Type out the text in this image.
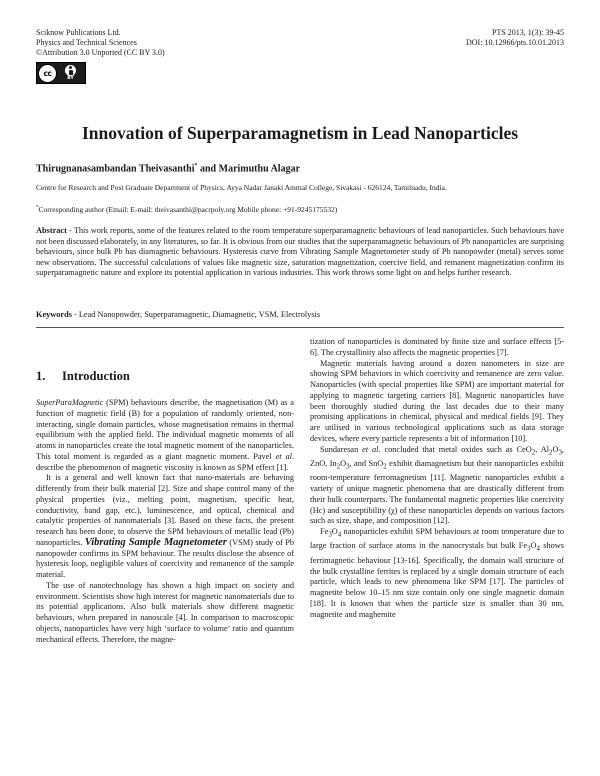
Sciknow Publications Ltd.
Physics and Technical Sciences
©Attribution 3.0 Unported (CC BY 3.0)
PTS 2013, 1(3): 39-45
DOI: 10.12966/pts.10.01.2013
cc
BY
Innovation of Superparamagnetism in Lead Nanoparticles
Thirugnanasambandan Theivasanthi* and Marimuthu Alagar
Centre for Research and Post Graduate Department of Physics, Ayya Nadar Janaki Ammal College, Sivakasi - 626124, Tamilnadu, India.
*Corresponding author (Email: E-mail: theivasanthi@pacrpoly.org Mobile phone: +91-9245175532)
Abstract - This work reports, some of the features related to the room temperature superparamagnetic behaviours of lead nanoparticles. Such behaviours have not been discussed elaborately, in any literatures, so far. It is obvious from our studies that the superparamagnetic behaviours of Pb nanoparticles are surprising behaviours, since bulk Pb has diamagnetic behaviours. Hysteresis curve from Vibrating Sample Magnetometer study of Pb nanopowder (metal) serves some new observations. The successful calculations of values like magnetic size, saturation magnetization, coercive field, and remanent magnetization confirm its superparamagnetic nature and explore its potential application in various industries. This work throws some light on and helps further research.
Keywords - Lead Nanopowder, Superparamagnetic, Diamagnetic, VSM, Electrolysis
1. Introduction

SuperParaMagnetic (SPM) behaviours describe, the magnetisation (M) as a function of magnetic field (B) for a population of randomly oriented, non-interacting, single domain particles, whose magnetisation remains in thermal equilibrium with the applied field. The individual magnetic moments of all atoms in nanoparticles create the total magnetic moment of the nanoparticles. This total moment is regarded as a giant magnetic moment. Pavel et al. describe the phenomenon of magnetic viscosity is known as SPM effect [1].

It is a general and well known fact that nano-materials are behaving differently from their bulk material [2]. Size and shape control many of the physical properties (viz., melting point, magnetism, specific heat, conductivity, band gap, etc.), luminescence, and optical, chemical and catalytic properties of nanomaterials [3]. Based on these facts, the present research has been done, to observe the SPM behaviours of metallic lead (Pb) nanoparticles. Vibrating Sample Magnetometer (VSM) study of Pb nanopowder confirms its SPM behaviour. The results disclose the absence of hysteresis loop, negligible values of coercivity and remanence of the sample material.

The use of nanotechnology has shown a high impact on society and environment. Scientists show high interest for magnetic nanomaterials due to its potential applications. Also bulk materials show different magnetic behaviours, when prepared in nanoscale [4]. In comparison to macroscopic objects, nanoparticles have very high ‘surface to volume’ ratio and quantum mechanical effects. Therefore, the magne-

tization of nanoparticles is dominated by finite size and surface effects [5-6]. The crystallinity also affects the magnetic properties [7].

Magnetic materials having around a dozen nanometers in size are showing SPM behaviors in which coercivity and remanence are zero value. Nanoparticles (with special properties like SPM) are important material for applying to magnetic targeting carriers [8]. Magnetic nanoparticles have been thoroughly studied during the last decades due to their many promising applications in chemical, physical and medical fields [9]. They are utilised in various technological applications such as data storage devices, where every particle represents a bit of information [10].

Sundaresan et al. concluded that metal oxides such as CeO$_2$, $Al_2O_3$, ZnO, $In_2O_3$, and SnO$_2$ exhibit diamagnetism but their nanoparticles exhibit room-temperature ferromagnetism [11]. Magnetic nanoparticles exhibit a variety of unique magnetic phenomena that are drastically different from their bulk counterparts. The fundamental magnetic properties like coercivity (Hc) and susceptibility (χ) of these nanoparticles depends on various factors such as size, shape, and composition [12].

$Fe_3O_4$ nanoparticles exhibit SPM behaviours at room temperature due to large fraction of surface atoms in the nanocrystals but bulk $Fe_3O_4$ shows ferrimagnetic behaviour [13-16]. Specifically, the domain wall structure of the bulk crystalline ferrites is replaced by a single domain structure of each particle, which leads to new phenomena like SPM [17]. The particles of magnetite below 10–15 nm size contain only one single magnetic domain [18]. It is known that when the particle size is smaller than 30 nm, magnetite and maghemite
